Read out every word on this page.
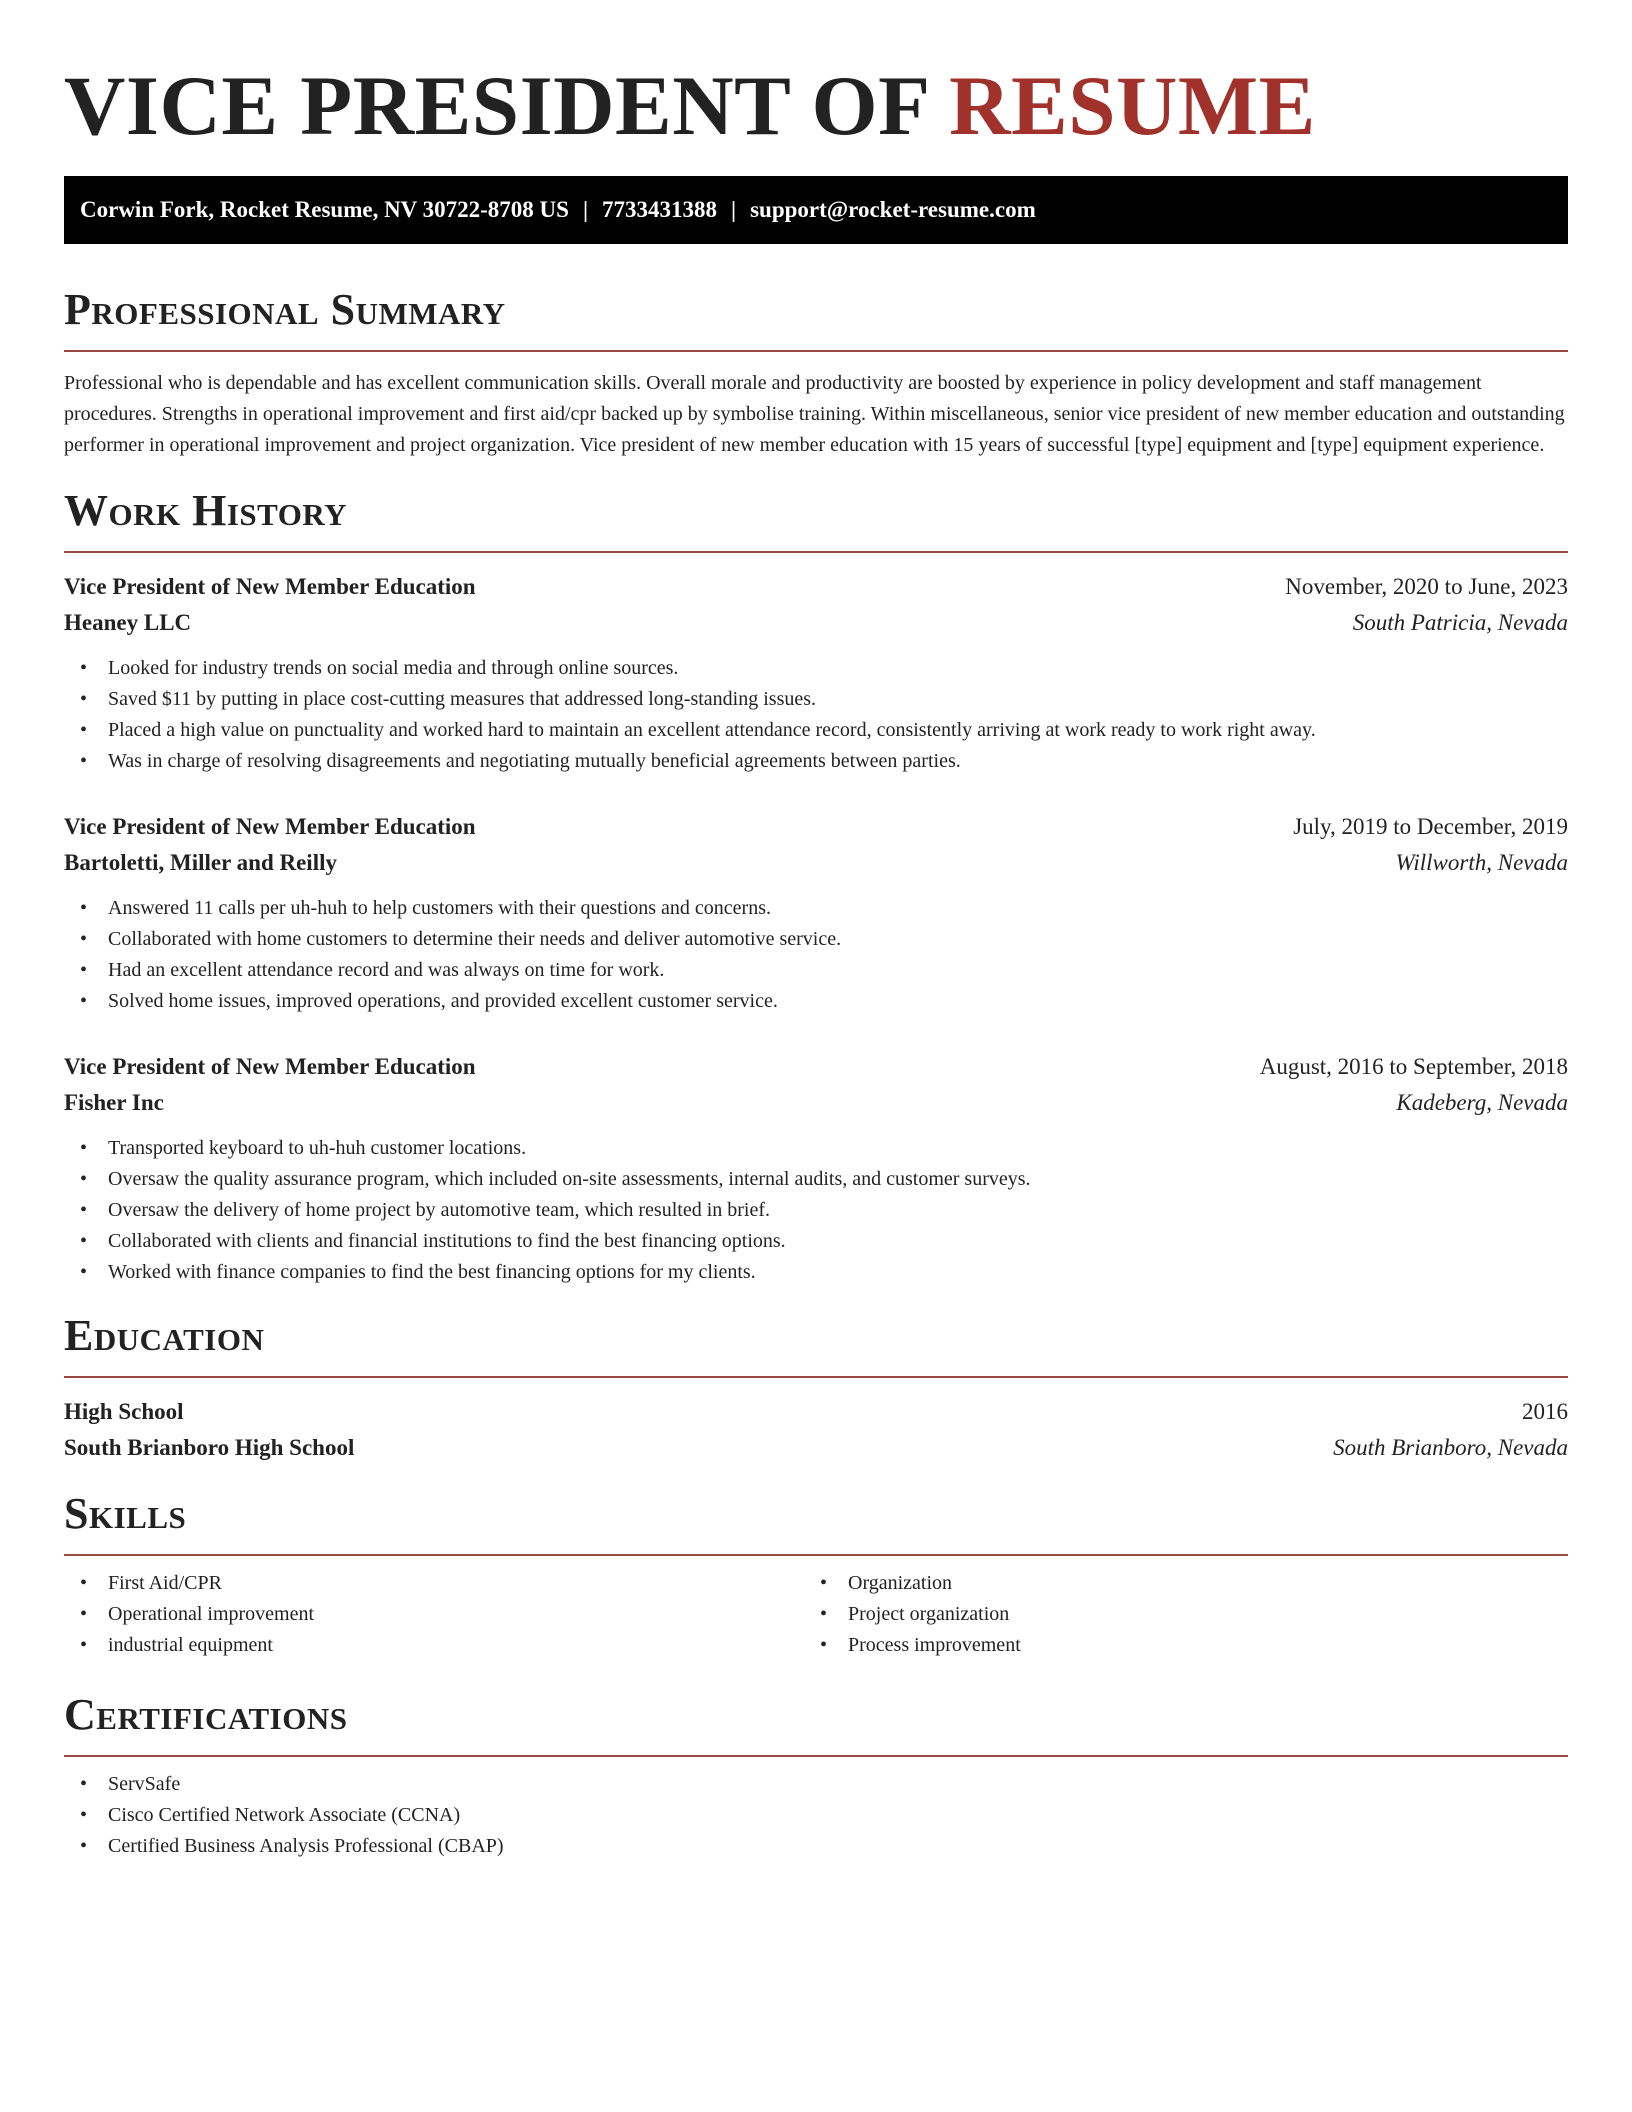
VICE PRESIDENT OF RESUME
Corwin Fork, Rocket Resume, NV 30722-8708 US | 7733431388 | support@rocket-resume.com
Professional Summary

Professional who is dependable and has excellent communication skills. Overall morale and productivity are boosted by experience in policy development and staff management procedures. Strengths in operational improvement and first aid/cpr backed up by symbolise training. Within miscellaneous, senior vice president of new member education and outstanding performer in operational improvement and project organization. Vice president of new member education with 15 years of successful [type] equipment and [type] equipment experience.

Work History
Vice President of New Member Education	November, 2020 to June, 2023
Heaney LLC	South Patricia, Nevada
• Looked for industry trends on social media and through online sources.
• Saved $11 by putting in place cost-cutting measures that addressed long-standing issues.
• Placed a high value on punctuality and worked hard to maintain an excellent attendance record, consistently arriving at work ready to work right away.
• Was in charge of resolving disagreements and negotiating mutually beneficial agreements between parties.
Vice President of New Member Education	July, 2019 to December, 2019
Bartoletti, Miller and Reilly	Willworth, Nevada
• Answered 11 calls per uh-huh to help customers with their questions and concerns.
• Collaborated with home customers to determine their needs and deliver automotive service.
• Had an excellent attendance record and was always on time for work.
• Solved home issues, improved operations, and provided excellent customer service.
Vice President of New Member Education	August, 2016 to September, 2018
Fisher Inc	Kadeberg, Nevada
• Transported keyboard to uh-huh customer locations.
• Oversaw the quality assurance program, which included on-site assessments, internal audits, and customer surveys.
• Oversaw the delivery of home project by automotive team, which resulted in brief.
• Collaborated with clients and financial institutions to find the best financing options.
• Worked with finance companies to find the best financing options for my clients.
Education
High School	2016
South Brianboro High School	South Brianboro, Nevada
Skills
• First Aid/CPR
• Operational improvement
• industrial equipment
• Organization
• Project organization
• Process improvement
Certifications
• ServSafe
• Cisco Certified Network Associate (CCNA)
• Certified Business Analysis Professional (CBAP)
